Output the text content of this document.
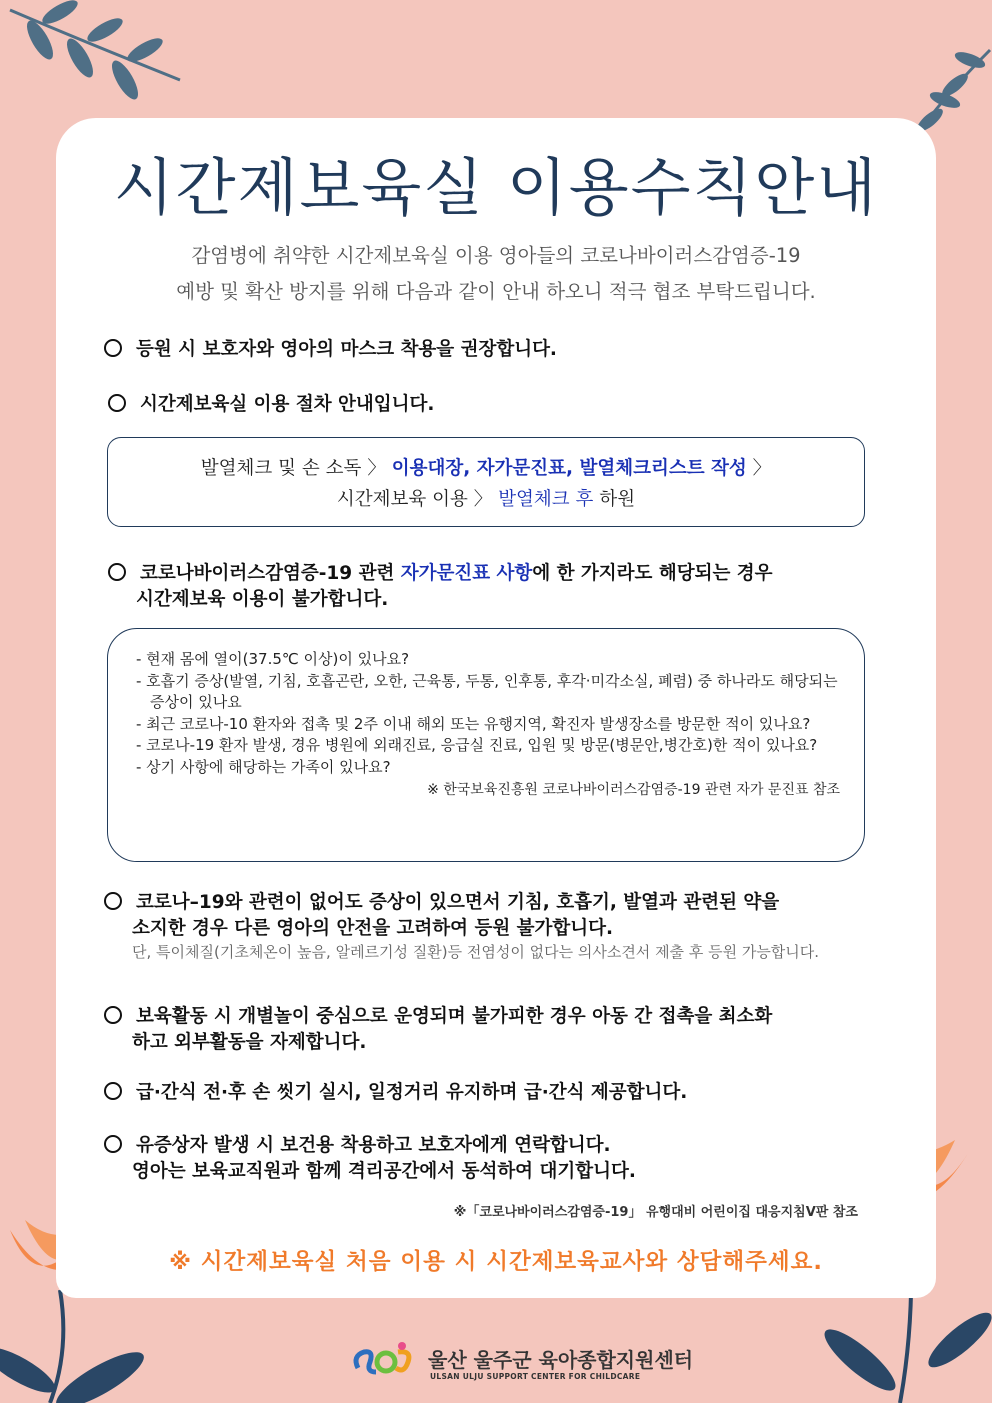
시간제보육실 이용수칙안내
감염병에 취약한 시간제보육실 이용 영아들의 코로나바이러스감염증-19
예방 및 확산 방지를 위해 다음과 같이 안내 하오니 적극 협조 부탁드립니다.
등원 시 보호자와 영아의 마스크 착용을 권장합니다.
시간제보육실 이용 절차 안내입니다.
발열체크 및 손 소독 〉 이용대장, 자가문진표, 발열체크리스트 작성 〉
시간제보육 이용 〉 발열체크 후 하원
코로나바이러스감염증-19 관련 자가문진표 사항에 한 가지라도 해당되는 경우
시간제보육 이용이 불가합니다.
- 현재 몸에 열이(37.5℃ 이상)이 있나요?
- 호흡기 증상(발열, 기침, 호흡곤란, 오한, 근육통, 두통, 인후통, 후각·미각소실, 폐렴) 중 하나라도 해당되는 증상이 있나요
- 최근 코로나-10 환자와 접촉 및 2주 이내 해외 또는 유행지역, 확진자 발생장소를 방문한 적이 있나요?
- 코로나-19 환자 발생, 경유 병원에 외래진료, 응급실 진료, 입원 및 방문(병문안,병간호)한 적이 있나요?
- 상기 사항에 해당하는 가족이 있나요?
※ 한국보육진흥원 코로나바이러스감염증-19 관련 자가 문진표 참조
코로나–19와 관련이 없어도 증상이 있으면서 기침, 호흡기, 발열과 관련된 약을
소지한 경우 다른 영아의 안전을 고려하여 등원 불가합니다.
단, 특이체질(기초체온이 높음, 알레르기성 질환)등 전염성이 없다는 의사소견서 제출 후 등원 가능합니다.
보육활동 시 개별놀이 중심으로 운영되며 불가피한 경우 아동 간 접촉을 최소화
하고 외부활동을 자제합니다.
급·간식 전·후 손 씻기 실시, 일정거리 유지하며 급·간식 제공합니다.
유증상자 발생 시 보건용 착용하고 보호자에게 연락합니다.
영아는 보육교직원과 함께 격리공간에서 동석하여 대기합니다.
※「코로나바이러스감염증-19」 유행대비 어린이집 대응지침Ⅴ판 참조
※ 시간제보육실 처음 이용 시 시간제보육교사와 상담해주세요.
울산 울주군 육아종합지원센터
ULSAN ULJU SUPPORT CENTER FOR CHILDCARE
